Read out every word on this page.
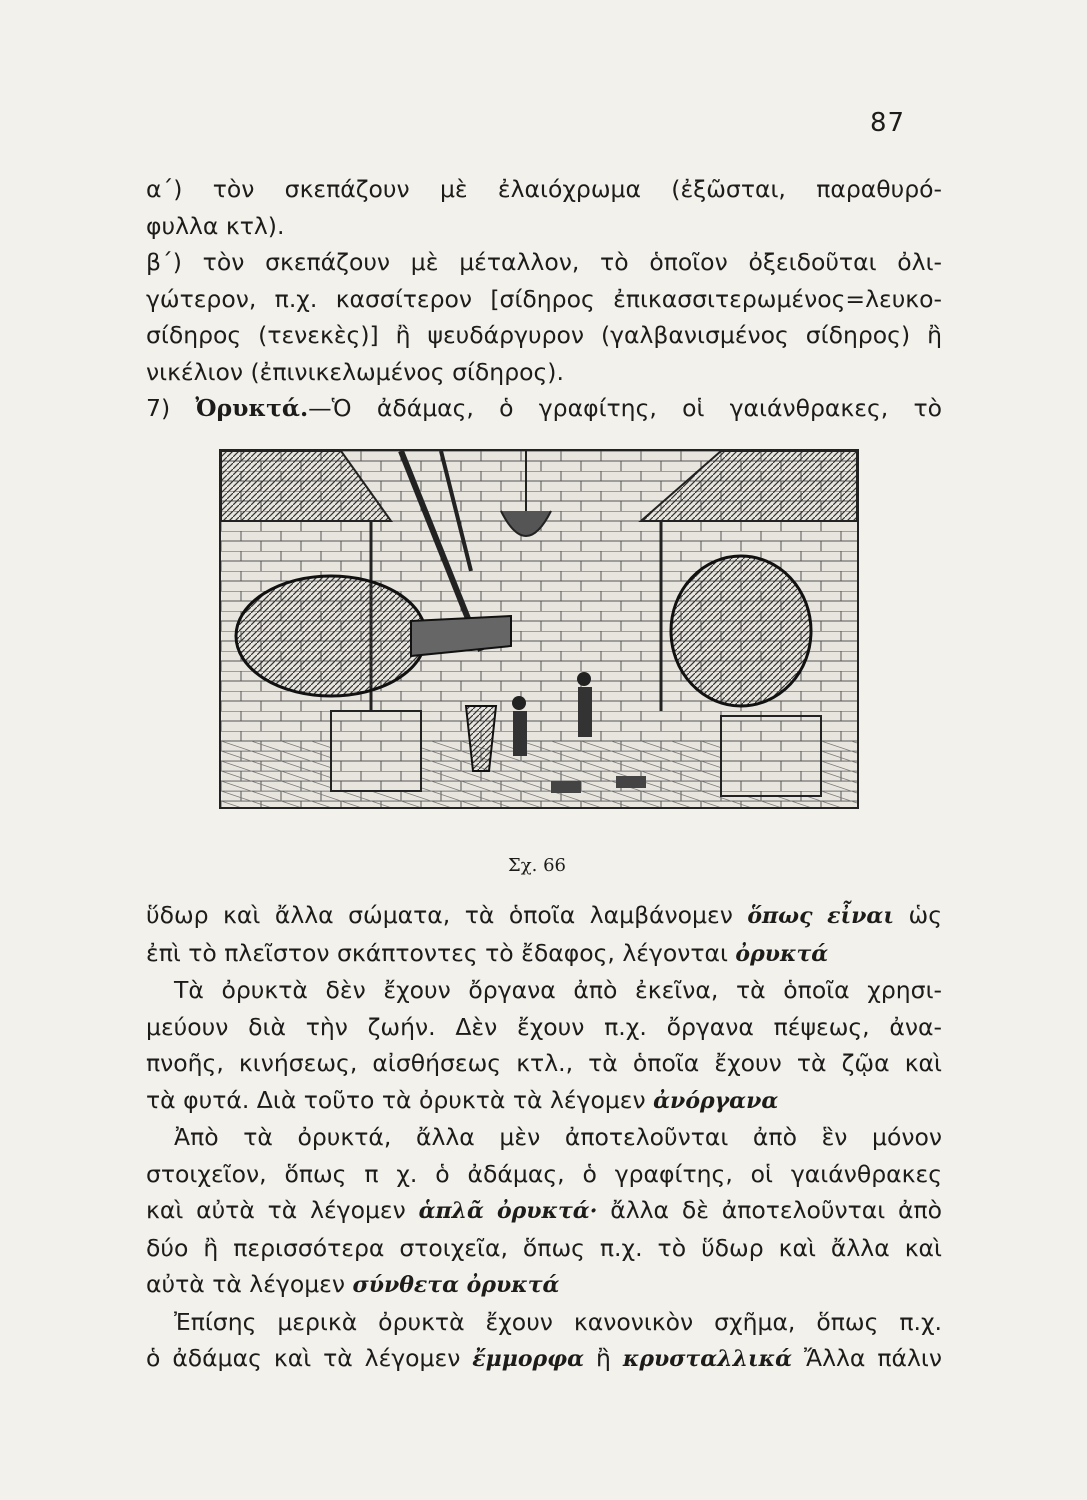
87
α΄) τὸν σκεπάζουν μὲ ἐλαιόχρωμα (ἐξῶσται, παραθυρό-
φυλλα κτλ).
β΄) τὸν σκεπάζουν μὲ μέταλλον, τὸ ὁποῖον ὀξειδοῦται ὀλι-
γώτερον, π.χ. κασσίτερον [σίδηρος ἐπικασσιτερωμένος=λευκο-
σίδηρος (τενεκὲς)] ἢ ψευδάργυρον (γαλβανισμένος σίδηρος) ἢ
νικέλιον (ἐπινικελωμένος σίδηρος).
7) Ὀρυκτά.—Ὁ ἀδάμας, ὁ γραφίτης, οἱ γαιάνθρακες, τὸ
Σχ. 66
ὕδωρ καὶ ἄλλα σώματα, τὰ ὁποῖα λαμβάνομεν ὅπως εἶναι ὡς
ἐπὶ τὸ πλεῖστον σκάπτοντες τὸ ἔδαφος, λέγονται ὀρυκτά
Τὰ ὀρυκτὰ δὲν ἔχουν ὄργανα ἀπὸ ἐκεῖνα, τὰ ὁποῖα χρησι-
μεύουν διὰ τὴν ζωήν. Δὲν ἔχουν π.χ. ὄργανα πέψεως, ἀνα-
πνοῆς, κινήσεως, αἰσθήσεως κτλ., τὰ ὁποῖα ἔχουν τὰ ζῷα καὶ
τὰ φυτά. Διὰ τοῦτο τὰ ὀρυκτὰ τὰ λέγομεν ἀνόργανα
Ἀπὸ τὰ ὀρυκτά, ἄλλα μὲν ἀποτελοῦνται ἀπὸ ἓν μόνον
στοιχεῖον, ὅπως π χ. ὁ ἀδάμας, ὁ γραφίτης, οἱ γαιάνθρακες
καὶ αὐτὰ τὰ λέγομεν ἁπλᾶ ὀρυκτά· ἄλλα δὲ ἀποτελοῦνται ἀπὸ
δύο ἢ περισσότερα στοιχεῖα, ὅπως π.χ. τὸ ὕδωρ καὶ ἄλλα καὶ
αὐτὰ τὰ λέγομεν σύνθετα ὀρυκτά
Ἐπίσης μερικὰ ὀρυκτὰ ἔχουν κανονικὸν σχῆμα, ὅπως π.χ.
ὁ ἀδάμας καὶ τὰ λέγομεν ἔμμορφα ἢ κρυσταλλικά Ἄλλα πάλιν
